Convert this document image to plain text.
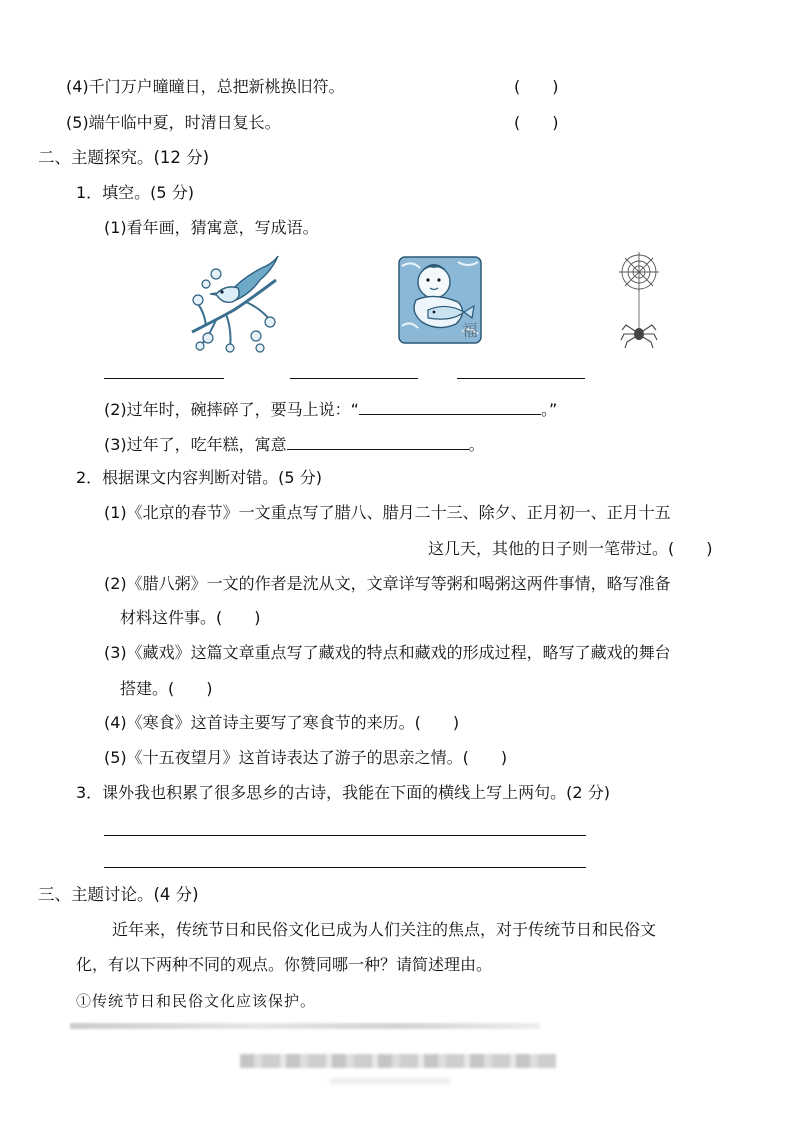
(4)千门万户曈曈日，总把新桃换旧符。	(　　)
(5)端午临中夏，时清日复长。	(　　)
二、主题探究。(12 分)
1．填空。(5 分)
(1)看年画，猜寓意，写成语。
福
(2)过年时，碗摔碎了，要马上说：“	。”
(3)过年了，吃年糕，寓意	。
2．根据课文内容判断对错。(5 分)
(1)《北京的春节》一文重点写了腊八、腊月二十三、除夕、正月初一、正月十五
这几天，其他的日子则一笔带过。(　　)
(2)《腊八粥》一文的作者是沈从文，文章详写等粥和喝粥这两件事情，略写准备
材料这件事。(　　)
(3)《藏戏》这篇文章重点写了藏戏的特点和藏戏的形成过程，略写了藏戏的舞台
搭建。(　　)
(4)《寒食》这首诗主要写了寒食节的来历。(　　)
(5)《十五夜望月》这首诗表达了游子的思亲之情。(　　)
3．课外我也积累了很多思乡的古诗，我能在下面的横线上写上两句。(2 分)
三、主题讨论。(4 分)
近年来，传统节日和民俗文化已成为人们关注的焦点，对于传统节日和民俗文
化，有以下两种不同的观点。你赞同哪一种？请简述理由。
①传统节日和民俗文化应该保护。
